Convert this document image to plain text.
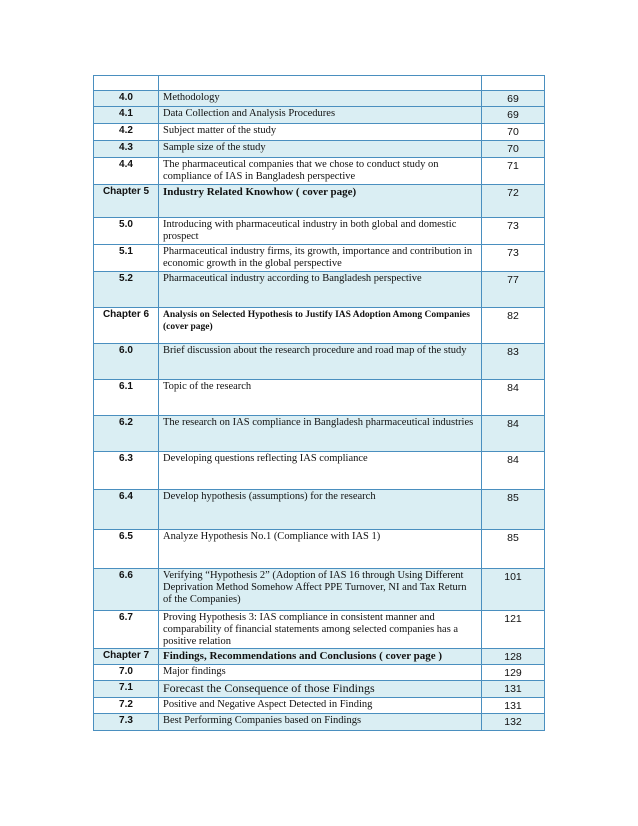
4.0	Methodology	69
4.1	Data Collection and Analysis Procedures	69
4.2	Subject matter of the study	70
4.3	Sample size of the study	70
4.4	The pharmaceutical companies that we chose to conduct study on compliance of IAS in Bangladesh perspective	71
Chapter 5	Industry Related Knowhow ( cover page)	72
5.0	Introducing with pharmaceutical industry in both global and domestic prospect	73
5.1	Pharmaceutical industry firms, its growth, importance and contribution in economic growth in the global perspective	73
5.2	Pharmaceutical industry according to Bangladesh perspective	77
Chapter 6	Analysis on Selected Hypothesis to Justify IAS Adoption Among Companies (cover page)	82
6.0	Brief discussion about the research procedure and road map of the study	83
6.1	Topic of the research	84
6.2	The research on IAS compliance in Bangladesh pharmaceutical industries	84
6.3	Developing questions reflecting IAS compliance	84
6.4	Develop hypothesis (assumptions) for the research	85
6.5	Analyze Hypothesis No.1 (Compliance with IAS 1)	85
6.6	Verifying “Hypothesis 2” (Adoption of IAS 16 through Using Different Deprivation Method Somehow Affect PPE Turnover, NI and Tax Return of the Companies)	101
6.7	Proving Hypothesis 3: IAS compliance in consistent manner and comparability of financial statements among selected companies has a positive relation	121
Chapter 7	Findings, Recommendations and Conclusions ( cover page )	128
7.0	Major findings	129
7.1	Forecast the Consequence of those Findings	131
7.2	Positive and Negative Aspect Detected in Finding	131
7.3	Best Performing Companies based on Findings	132
